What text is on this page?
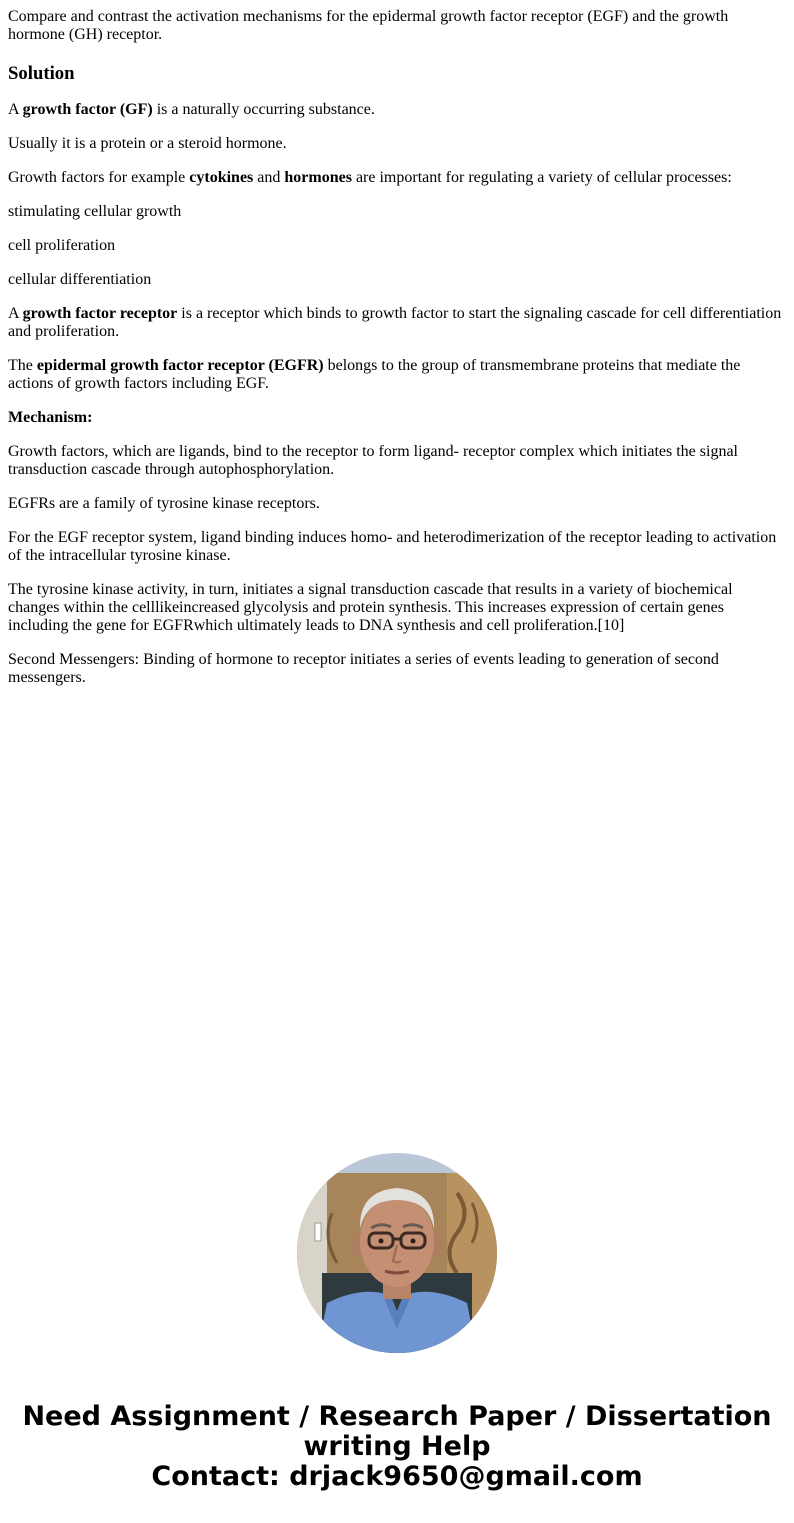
Compare and contrast the activation mechanisms for the epidermal growth factor receptor (EGF) and the growth hormone (GH) receptor.
Solution

A growth factor (GF) is a naturally occurring substance.

Usually it is a protein or a steroid hormone.

Growth factors for example cytokines and hormones are important for regulating a variety of cellular processes:

stimulating cellular growth

cell proliferation

cellular differentiation

A growth factor receptor is a receptor which binds to growth factor to start the signaling cascade for cell differentiation and proliferation.

The epidermal growth factor receptor (EGFR) belongs to the group of transmembrane proteins that mediate the actions of growth factors including EGF.

Mechanism:

Growth factors, which are ligands, bind to the receptor to form ligand- receptor complex which initiates the signal transduction cascade through autophosphorylation.

EGFRs are a family of tyrosine kinase receptors.

For the EGF receptor system, ligand binding induces homo- and heterodimerization of the receptor leading to activation of the intracellular tyrosine kinase.

The tyrosine kinase activity, in turn, initiates a signal transduction cascade that results in a variety of biochemical changes within the celllikeincreased glycolysis and protein synthesis. This increases expression of certain genes including the gene for EGFRwhich ultimately leads to DNA synthesis and cell proliferation.[10]

Second Messengers: Binding of hormone to receptor initiates a series of events leading to generation of second messengers.

Need Assignment / Research Paper / Dissertation
writing Help
Contact: drjack9650@gmail.com
